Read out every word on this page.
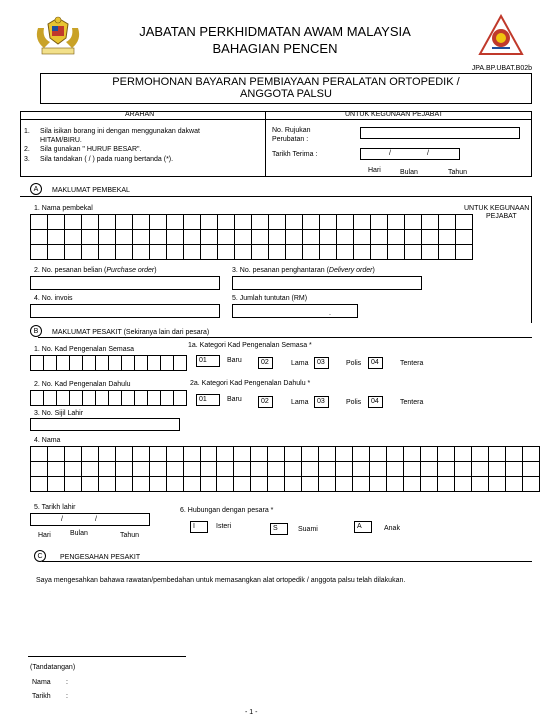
JABATAN PERKHIDMATAN AWAM MALAYSIA
BAHAGIAN PENCEN
JPA.BP.UBAT.B02b
PERMOHONAN BAYARAN PEMBIAYAAN PERALATAN ORTOPEDIK /
ANGGOTA PALSU
ARAHAN	UNTUK KEGUNAAN PEJABAT
1. Sila isikan borang ini dengan menggunakan dakwat
HITAM/BIRU.
2. Sila gunakan " HURUF BESAR".
3. Sila tandakan ( / ) pada ruang bertanda (*).
No. Rujukan
Perubatan :
Tarikh Terima :	/	/
Hari	Bulan	Tahun
A	MAKLUMAT PEMBEKAL
UNTUK KEGUNAAN
PEJABAT
1. Nama pembekal

2. No. pesanan belian (Purchase order)	3. No. pesanan penghantaran (Delivery order)
4. No. invois	5. Jumlah tuntutan (RM)
.
B	MAKLUMAT PESAKIT (Sekiranya lain dari pesara)
1. No. Kad Pengenalan Semasa

1a. Kategori Kad Pengenalan Semasa *
01	Baru	02	Lama	03	Polis	04	Tentera
2. No. Kad Pengenalan Dahulu
												2a. Kategori Kad Pengenalan Dahulu *
01	Baru	02	Lama	03	Polis	04	Tentera
3. No. Sijil Lahir
4. Nama

5. Tarikh lahir
/	/
Hari	Bulan	Tahun
6. Hubungan dengan pesara *
I	Isteri	S	Suami	A	Anak
C	PENGESAHAN PESAKIT
Saya mengesahkan bahawa rawatan/pembedahan untuk memasangkan alat ortopedik / anggota palsu telah dilakukan.
(Tandatangan)
Nama :
Tarikh :
- 1 -
